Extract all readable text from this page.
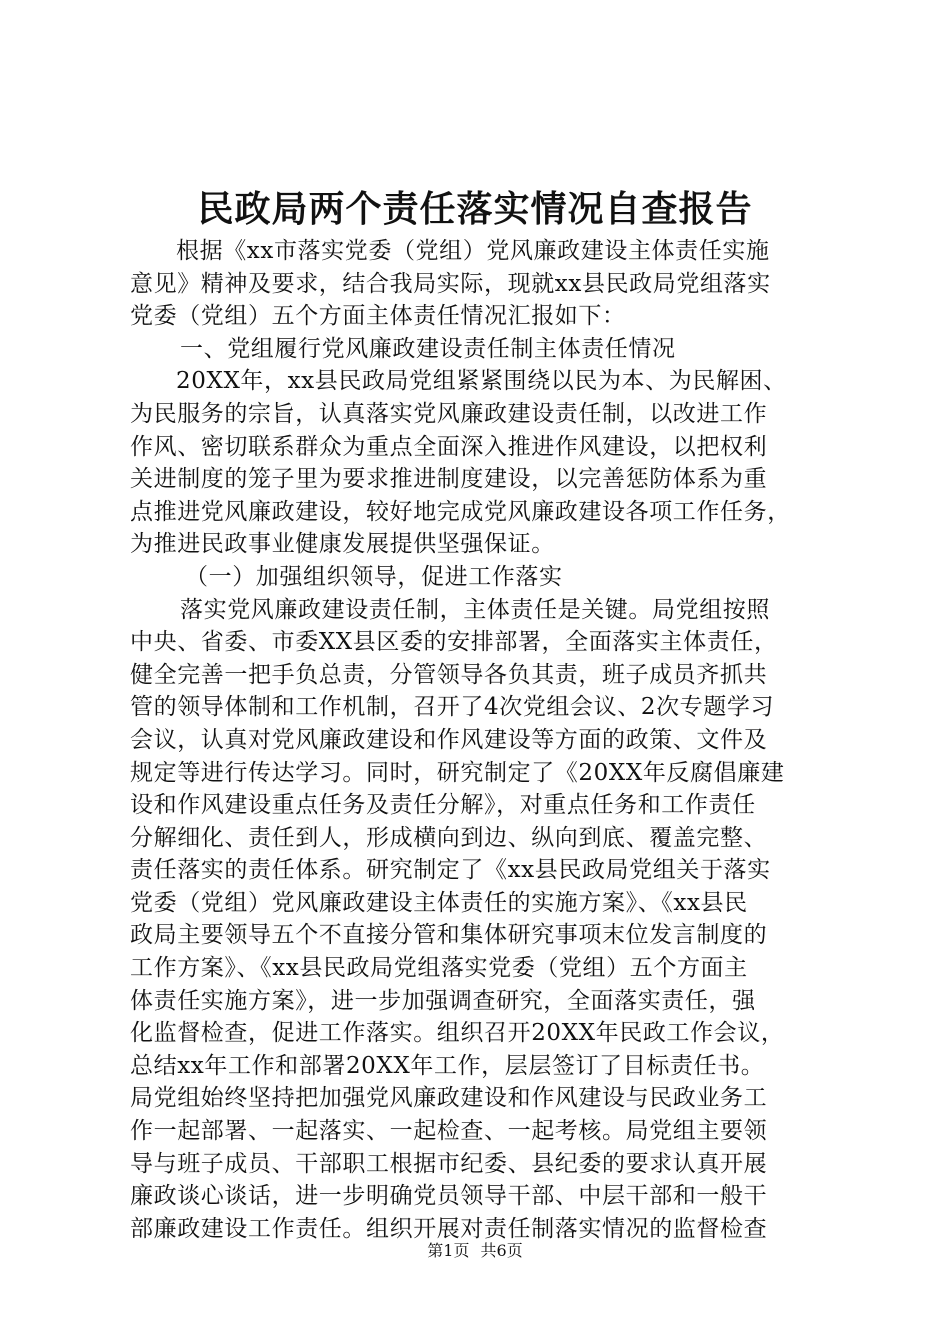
民政局两个责任落实情况自查报告
根据《xx市落实党委（党组）党风廉政建设主体责任实施
意见》精神及要求，结合我局实际，现就xx县民政局党组落实
党委（党组）五个方面主体责任情况汇报如下：
一、党组履行党风廉政建设责任制主体责任情况
20XX年，xx县民政局党组紧紧围绕以民为本、为民解困、
为民服务的宗旨，认真落实党风廉政建设责任制，以改进工作
作风、密切联系群众为重点全面深入推进作风建设，以把权利
关进制度的笼子里为要求推进制度建设，以完善惩防体系为重
点推进党风廉政建设，较好地完成党风廉政建设各项工作任务，
为推进民政事业健康发展提供坚强保证。
（一）加强组织领导，促进工作落实
落实党风廉政建设责任制，主体责任是关键。局党组按照
中央、省委、市委XX县区委的安排部署，全面落实主体责任，
健全完善一把手负总责，分管领导各负其责，班子成员齐抓共
管的领导体制和工作机制，召开了4次党组会议、2次专题学习
会议，认真对党风廉政建设和作风建设等方面的政策、文件及
规定等进行传达学习。同时，研究制定了《20XX年反腐倡廉建
设和作风建设重点任务及责任分解》，对重点任务和工作责任
分解细化、责任到人，形成横向到边、纵向到底、覆盖完整、
责任落实的责任体系。研究制定了《xx县民政局党组关于落实
党委（党组）党风廉政建设主体责任的实施方案》、《xx县民
政局主要领导五个不直接分管和集体研究事项末位发言制度的
工作方案》、《xx县民政局党组落实党委（党组）五个方面主
体责任实施方案》，进一步加强调查研究，全面落实责任，强
化监督检查，促进工作落实。组织召开20XX年民政工作会议，
总结xx年工作和部署20XX年工作，层层签订了目标责任书。
局党组始终坚持把加强党风廉政建设和作风建设与民政业务工
作一起部署、一起落实、一起检查、一起考核。局党组主要领
导与班子成员、干部职工根据市纪委、县纪委的要求认真开展
廉政谈心谈话，进一步明确党员领导干部、中层干部和一般干
部廉政建设工作责任。组织开展对责任制落实情况的监督检查
第1页 共6页
